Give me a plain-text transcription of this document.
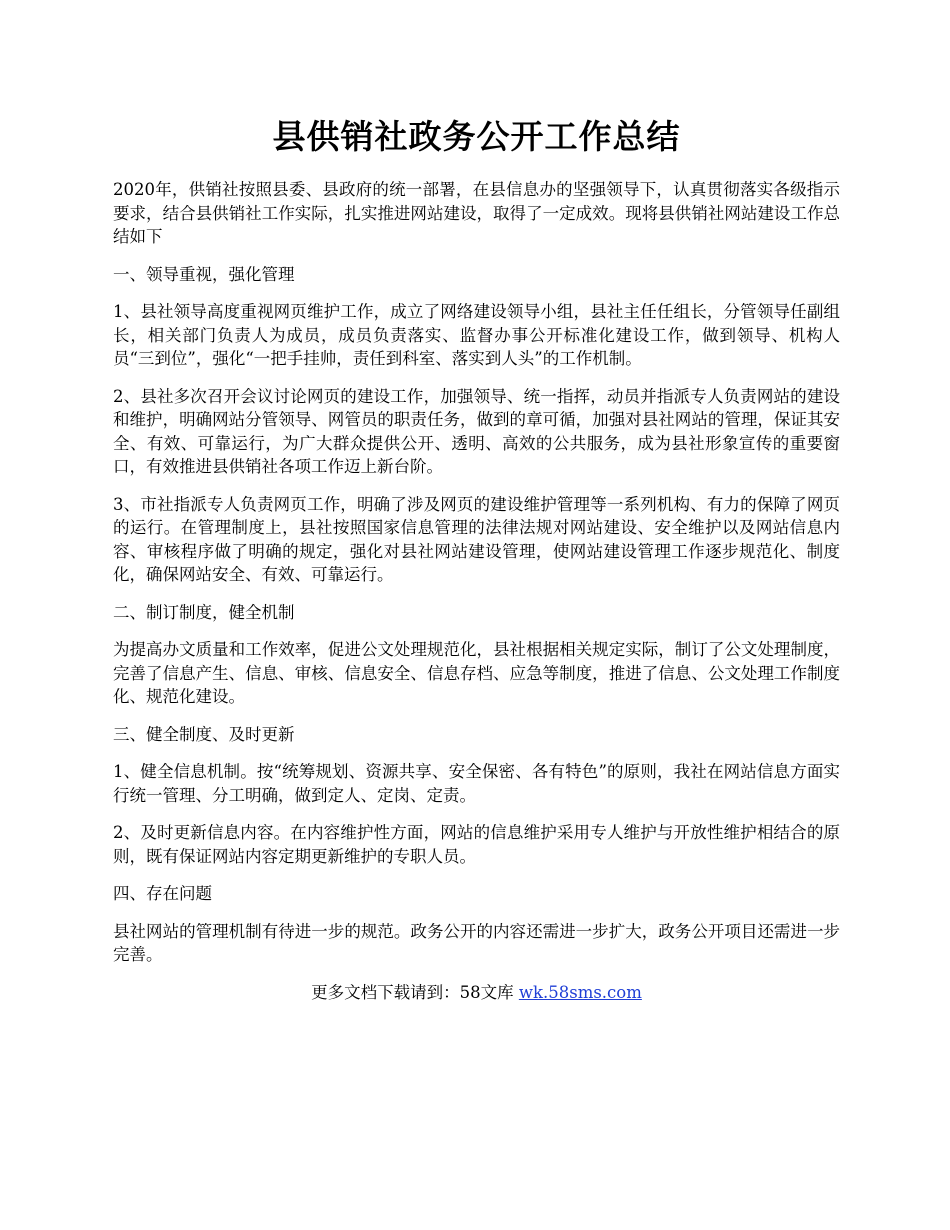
县供销社政务公开工作总结

2020年，供销社按照县委、县政府的统一部署，在县信息办的坚强领导下，认真贯彻落实各级指示要求，结合县供销社工作实际，扎实推进网站建设，取得了一定成效。现将县供销社网站建设工作总结如下

一、领导重视，强化管理

1、县社领导高度重视网页维护工作，成立了网络建设领导小组，县社主任任组长，分管领导任副组长，相关部门负责人为成员，成员负责落实、监督办事公开标准化建设工作，做到领导、机构人员“三到位”，强化“一把手挂帅，责任到科室、落实到人头”的工作机制。

2、县社多次召开会议讨论网页的建设工作，加强领导、统一指挥，动员并指派专人负责网站的建设和维护，明确网站分管领导、网管员的职责任务，做到的章可循，加强对县社网站的管理，保证其安全、有效、可靠运行，为广大群众提供公开、透明、高效的公共服务，成为县社形象宣传的重要窗口，有效推进县供销社各项工作迈上新台阶。

3、市社指派专人负责网页工作，明确了涉及网页的建设维护管理等一系列机构、有力的保障了网页的运行。在管理制度上，县社按照国家信息管理的法律法规对网站建设、安全维护以及网站信息内容、审核程序做了明确的规定，强化对县社网站建设管理，使网站建设管理工作逐步规范化、制度化，确保网站安全、有效、可靠运行。

二、制订制度，健全机制

为提高办文质量和工作效率，促进公文处理规范化，县社根据相关规定实际，制订了公文处理制度，完善了信息产生、信息、审核、信息安全、信息存档、应急等制度，推进了信息、公文处理工作制度化、规范化建设。

三、健全制度、及时更新

1、健全信息机制。按“统筹规划、资源共享、安全保密、各有特色”的原则，我社在网站信息方面实行统一管理、分工明确，做到定人、定岗、定责。

2、及时更新信息内容。在内容维护性方面，网站的信息维护采用专人维护与开放性维护相结合的原则，既有保证网站内容定期更新维护的专职人员。

四、存在问题

县社网站的管理机制有待进一步的规范。政务公开的内容还需进一步扩大，政务公开项目还需进一步完善。

更多文档下载请到：58文库 wk.58sms.com
